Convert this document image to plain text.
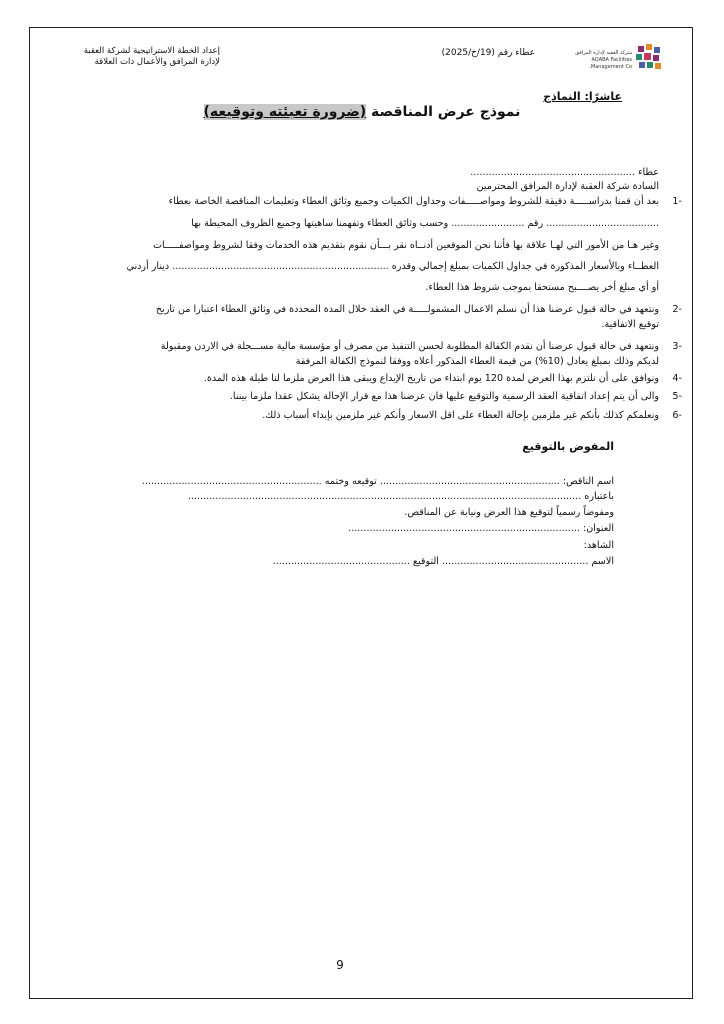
شركة العقبة لإدارة المرافق
AQABA Facilities Management Co.
عطاء رقم (19/خ/2025)
إعداد الخطة الاستراتيجية لشركة العقبة
لإدارة المرافق والأعمال ذات العلاقة
عاشرًا: النماذج
نموذج عرض المناقصة (ضرورة تعبئته وتوقيعه)
عطاء ......................................................
السادة شركة العقبة لإدارة المرافق المحترمين
-1
بعد أن قمنا بدراســـــة دقيقة للشروط ومواصـــــفات وجداول الكميات وجميع وثائق العطاء وتعليمات المناقصة الخاصة بعطاء
..................................... رقم ........................ وحسب وثائق العطاء وتفهمنا ساهيتها وجميع الظروف المحيطة بها
وغير هـا من الأمور التي لهـا علاقة بها فأننا نحن الموقعين أدنــاه نقر بـــأن نقوم بتقديم هذه الخدمات وفقا لشروط ومواصفـــــات
العطــاء وبالأسعار المذكورة في جداول الكميات بمبلغ إجمالي وقدره ....................................................................... دينار أردني
أو أي مبلغ أخر يصــــبح مستحقا بموجب شروط هذا العطاء.
-2
ونتعهد في حالة قبول عرضنا هذا أن نسلم الاعمال المشمولـــــة في العقد خلال المدة المحددة في وثائق العطاء اعتبارا من تاريخ
توقيع الاتفاقية.
-3
ونتعهد في حالة قبول عرضنا أن نقدم الكفالة المطلوبة لحسن التنفيذ من مصرف أو مؤسسة مالية مســـجلة في الاردن ومقبولة
لديكم وذلك بمبلغ يعادل (10%) من قيمة العطاء المذكور أعلاه ووفقا لنموذج الكفالة المرفقة
-4
ونوافق على أن نلتزم بهذا العرض لمدة 120 يوم ابتداء من تاريخ الإيداع ويبقى هذا العرض ملزما لنا طيلة هذه المدة.
-5
والى أن يتم إعداد اتفاقية العقد الرسمية والتوقيع عليها فان عرضنا هذا مع قرار الإحالة يشكل عقدا ملزما بيننا.
-6
ونعلمكم كذلك بأنكم غير ملزمين بإحالة العطاء على اقل الاسعار وأنكم غير ملزمين بإبداء أسباب ذلك.
المفوض بالتوقيع
اسم الناقص: ........................................................... توقيعه وختمه ...........................................................
باعتباره .................................................................................................................................
ومفوضاً رسمياً لتوقيع هذا العرض ونيابة عن المناقص.
العنوان: ............................................................................
الشاهد:
الاسم ................................................ التوقيع .............................................
9
